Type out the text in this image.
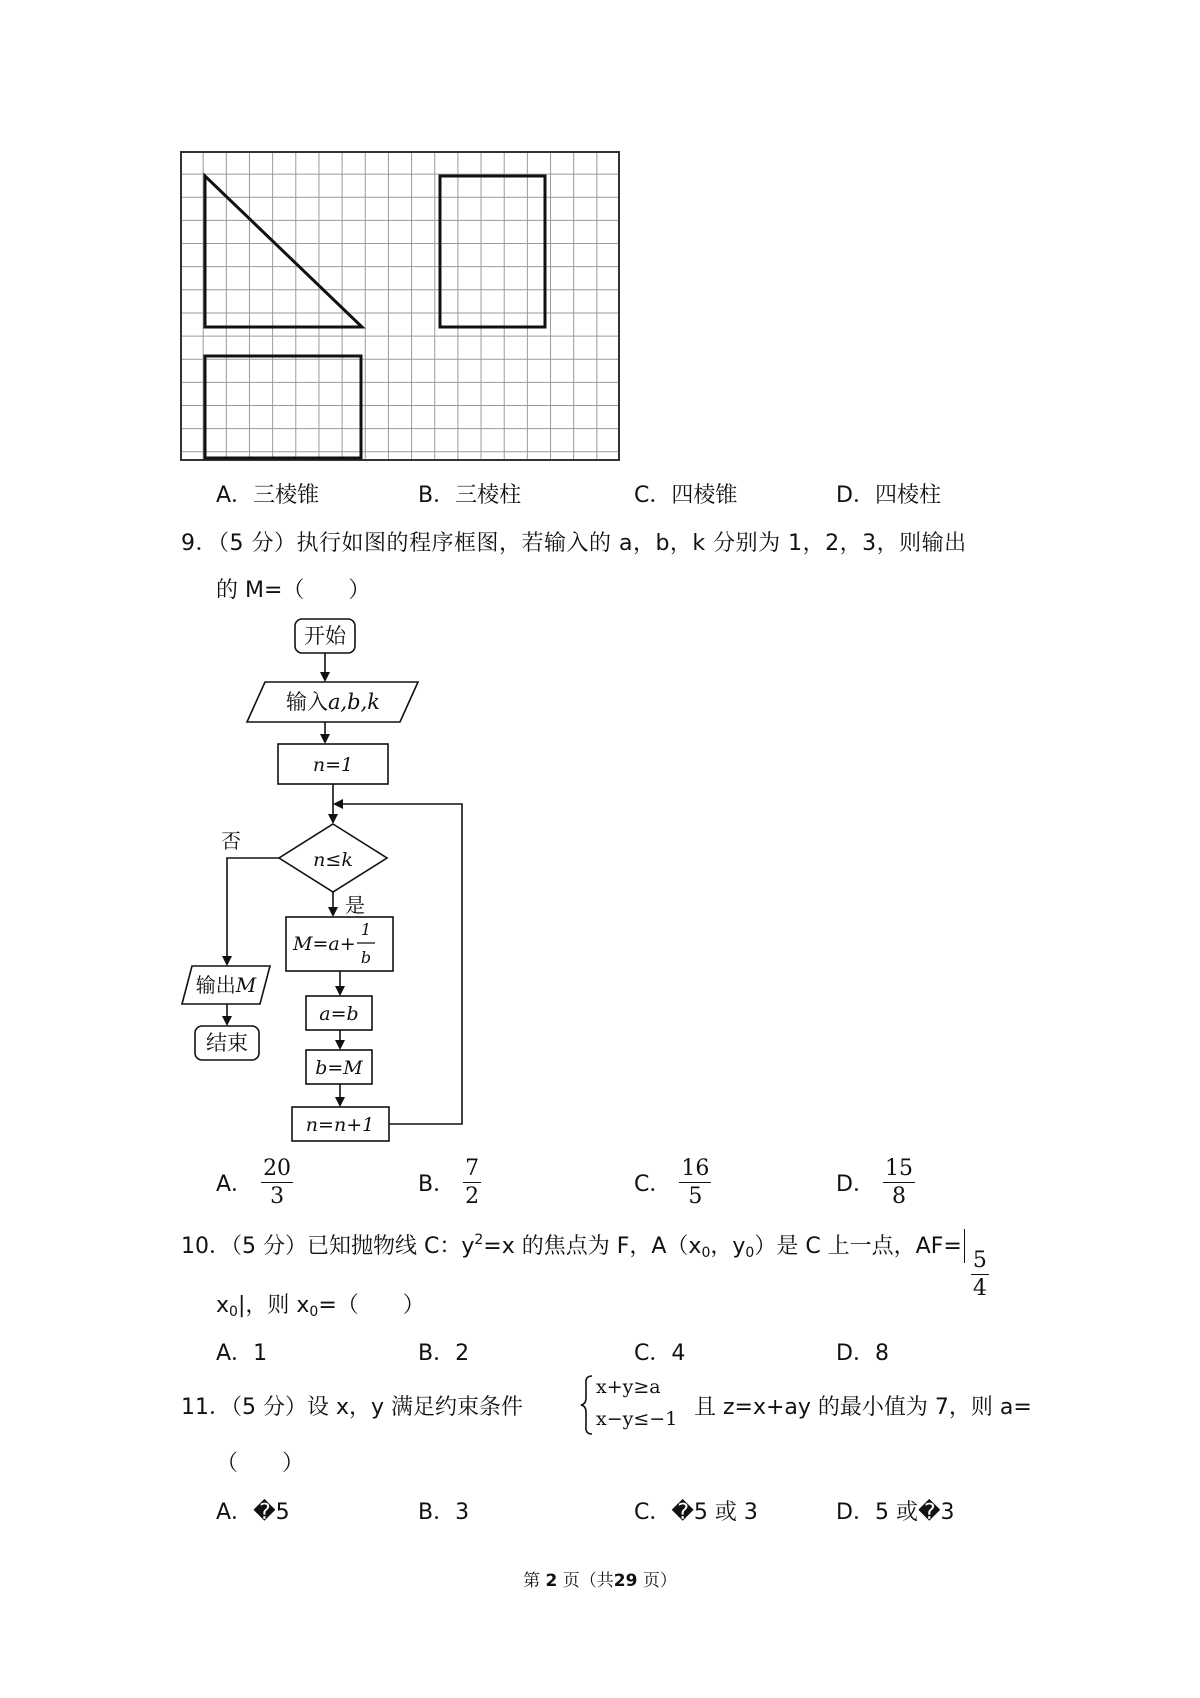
A．三棱锥	B．三棱柱	C．四棱锥	D．四棱柱
9．（5 分）执行如图的程序框图，若输入的 a，b，k 分别为 1，2，3，则输出
的 M=（　　）
开始
输入a,b,k
n=1
n≤k
否
是
M=a+
1
b
a=b
b=M
n=n+1
输出M
结束
A． $\frac{20}{3}$	B． $\frac{7}{2}$	C． $\frac{16}{5}$	D． $\frac{15}{8}$
10．（5 分）已知抛物线 C：$y^2=x$ 的焦点为 F，$A(x_0$，$y_0$）是 C 上一点，AF=
$\frac{5}{4}$
$x_0|$，则 $x_0=$（　　）
A．1	B．2	C．4	D．8
11．（5 分）设 x，y 满足约束条件
x+y≥a
x−y≤−1 且 z=x+ay 的最小值为 7，则 a=
（　　）
A．�5	B．3	C．�5 或 3	D．5 或�3
第 2 页（共29 页）
